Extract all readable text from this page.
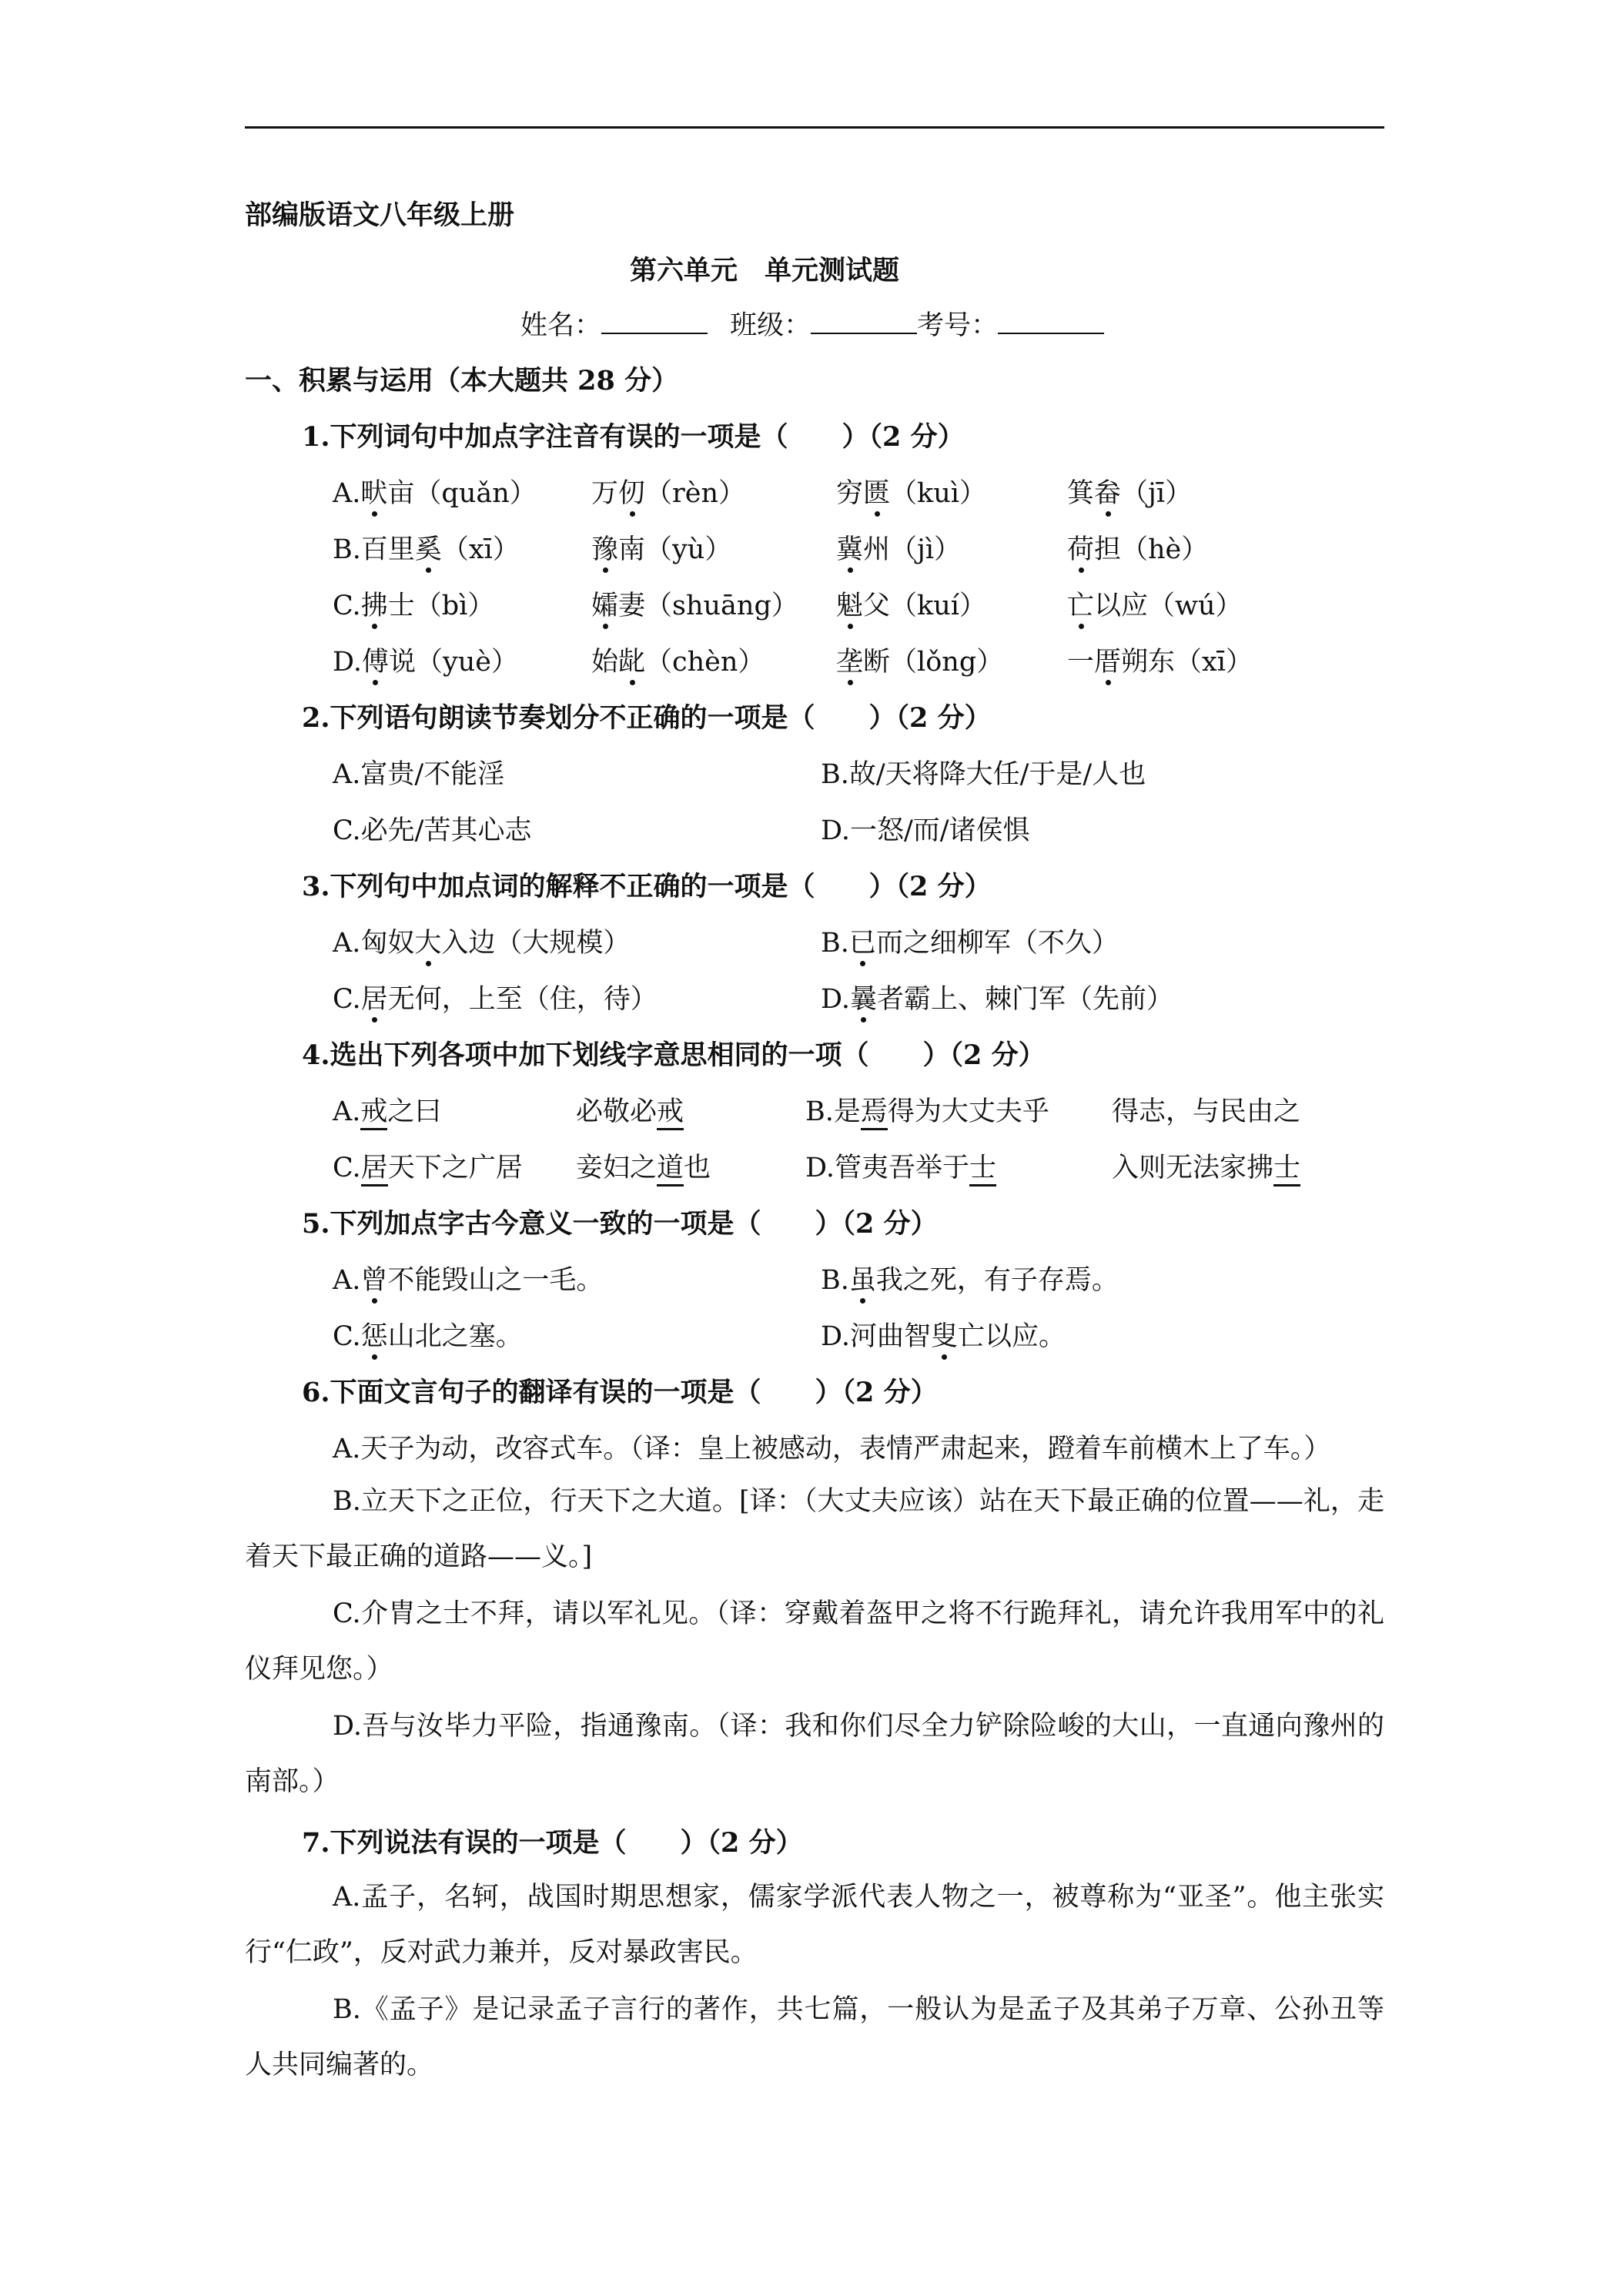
部编版语文八年级上册
第六单元　单元测试题
姓名：	班级：	考号：
一、积累与运用（本大题共 28 分）
1.下列词句中加点字注音有误的一项是（　　）（2 分）
A.畎亩（quǎn） 万仞（rèn）	穷匮（kuì）	箕畚（jī）
B.百里奚（xī）	豫南（yù）	冀州（jì）	荷担（hè）
C.拂士（bì）	孀妻（shuāng） 魁父（kuí）	亡以应（wú）
D.傅说（yuè）	始龀（chèn）	垄断（lǒng） 一厝朔东（xī）
2.下列语句朗读节奏划分不正确的一项是（　　）（2 分）
A.富贵/不能淫	B.故/天将降大任/于是/人也
C.必先/苦其心志	D.一怒/而/诸侯惧
3.下列句中加点词的解释不正确的一项是（　　）（2 分）
A.匈奴大入边（大规模）	B.已而之细柳军（不久）
C.居无何，上至（住，待）	D.曩者霸上、棘门军（先前）
4.选出下列各项中加下划线字意思相同的一项（　　）（2 分）
A.戒之曰	必敬必戒	B.是焉得为大丈夫乎 得志，与民由之
C.居天下之广居 妾妇之道也	D.管夷吾举于士	入则无法家拂士
5.下列加点字古今意义一致的一项是（　　）（2 分）
A.曾不能毁山之一毛。	B.虽我之死，有子存焉。
C.惩山北之塞。	D.河曲智叟亡以应。
6.下面文言句子的翻译有误的一项是（　　）（2 分）
A.天子为动，改容式车。（译：皇上被感动，表情严肃起来，蹬着车前横木上了车。）
B.立天下之正位，行天下之大道。[译：（大丈夫应该）站在天下最正确的位置——礼，走着天下最正确的道路——义。]
C.介胄之士不拜，请以军礼见。（译：穿戴着盔甲之将不行跪拜礼，请允许我用军中的礼仪拜见您。）
D.吾与汝毕力平险，指通豫南。（译：我和你们尽全力铲除险峻的大山，一直通向豫州的南部。）
7.下列说法有误的一项是（　　）（2 分）
A.孟子，名轲，战国时期思想家，儒家学派代表人物之一，被尊称为“亚圣”。他主张实行“仁政”，反对武力兼并，反对暴政害民。
B.《孟子》是记录孟子言行的著作，共七篇，一般认为是孟子及其弟子万章、公孙丑等人共同编著的。
